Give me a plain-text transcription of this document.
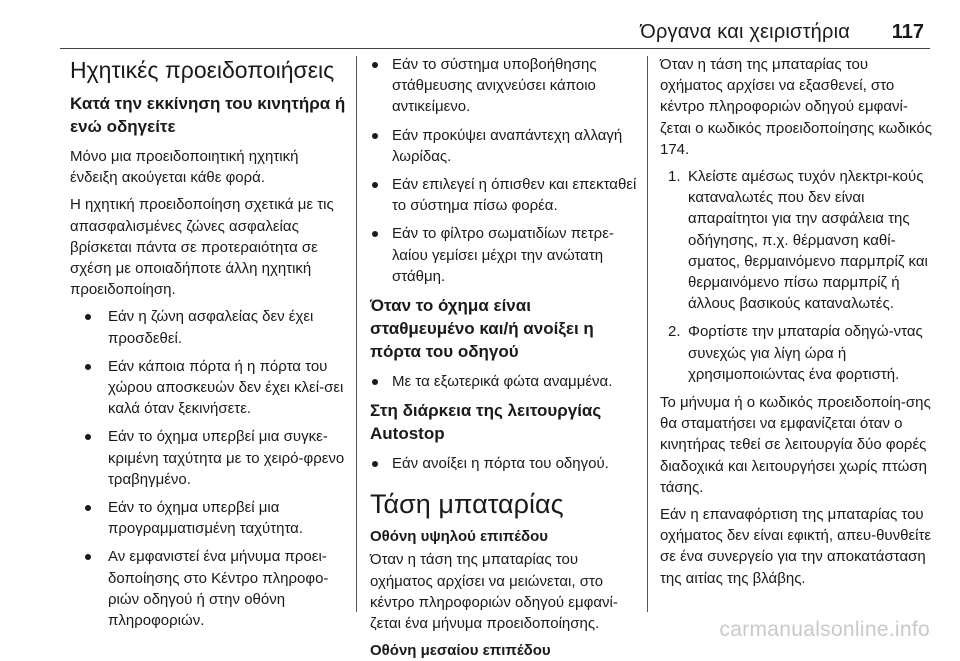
Όργανα και χειριστήρια 117
Ηχητικές προειδοποιήσεις
Κατά την εκκίνηση του κινητήρα ή ενώ οδηγείτε

Μόνο μια προειδοποιητική ηχητική ένδειξη ακούγεται κάθε φορά.

Η ηχητική προειδοποίηση σχετικά με τις απασφαλισμένες ζώνες ασφαλείας βρίσκεται πάντα σε προτεραιότητα σε σχέση με οποιαδήποτε άλλη ηχητική προειδοποίηση.

Εάν η ζώνη ασφαλείας δεν έχει προσδεθεί.
Εάν κάποια πόρτα ή η πόρτα του χώρου αποσκευών δεν έχει κλεί-σει καλά όταν ξεκινήσετε.
Εάν το όχημα υπερβεί μια συγκε-κριμένη ταχύτητα με το χειρό-φρενο τραβηγμένο.
Εάν το όχημα υπερβεί μια προγραμματισμένη ταχύτητα.
Αν εμφανιστεί ένα μήνυμα προει-δοποίησης στο Κέντρο πληροφο-ριών οδηγού ή στην οθόνη πληροφοριών.
Εάν το σύστημα υποβοήθησης στάθμευσης ανιχνεύσει κάποιο αντικείμενο.
Εάν προκύψει αναπάντεχη αλλαγή λωρίδας.
Εάν επιλεγεί η όπισθεν και επεκταθεί το σύστημα πίσω φορέα.
Εάν το φίλτρο σωματιδίων πετρε-λαίου γεμίσει μέχρι την ανώτατη στάθμη.
Όταν το όχημα είναι σταθμευμένο και/ή ανοίξει η πόρτα του οδηγού
Με τα εξωτερικά φώτα αναμμένα.
Στη διάρκεια της λειτουργίας Autostop
Εάν ανοίξει η πόρτα του οδηγού.
Τάση μπαταρίας
Οθόνη υψηλού επιπέδου

Όταν η τάση της μπαταρίας του οχήματος αρχίσει να μειώνεται, στο κέντρο πληροφοριών οδηγού εμφανί-ζεται ένα μήνυμα προειδοποίησης.

Οθόνη μεσαίου επιπέδου

Όταν η τάση της μπαταρίας του οχήματος αρχίσει να εξασθενεί, στο κέντρο πληροφοριών οδηγού εμφανί-ζεται ο κωδικός προειδοποίησης κωδικός 174.

1. Κλείστε αμέσως τυχόν ηλεκτρι-κούς καταναλωτές που δεν είναι απαραίτητοι για την ασφάλεια της οδήγησης, π.χ. θέρμανση καθί-σματος, θερμαινόμενο παρμπρίζ και θερμαινόμενο πίσω παρμπρίζ ή άλλους βασικούς καταναλωτές.
2. Φορτίστε την μπαταρία οδηγώ-ντας συνεχώς για λίγη ώρα ή χρησιμοποιώντας ένα φορτιστή.

Το μήνυμα ή ο κωδικός προειδοποίη-σης θα σταματήσει να εμφανίζεται όταν ο κινητήρας τεθεί σε λειτουργία δύο φορές διαδοχικά και λειτουργήσει χωρίς πτώση τάσης.

Εάν η επαναφόρτιση της μπαταρίας του οχήματος δεν είναι εφικτή, απευ-θυνθείτε σε ένα συνεργείο για την αποκατάσταση της αιτίας της βλάβης.

carmanualsonline.info
